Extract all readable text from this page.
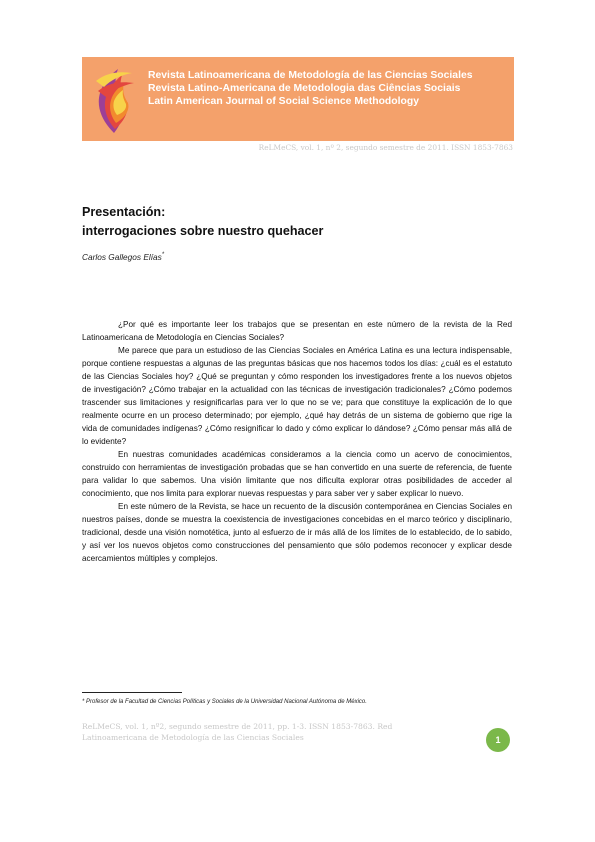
Revista Latinoamericana de Metodología de las Ciencias Sociales
Revista Latino-Americana de Metodologia das Ciências Sociais
Latin American Journal of Social Science Methodology
ReLMeCS, vol. 1, nº 2, segundo semestre de 2011. ISSN 1853-7863
Presentación:
interrogaciones sobre nuestro quehacer
Carlos Gallegos Elías*

¿Por qué es importante leer los trabajos que se presentan en este número de la revista de la Red Latinoamericana de Metodología en Ciencias Sociales?

Me parece que para un estudioso de las Ciencias Sociales en América Latina es una lectura indispensable, porque contiene respuestas a algunas de las preguntas básicas que nos hacemos todos los días: ¿cuál es el estatuto de las Ciencias Sociales hoy? ¿Qué se preguntan y cómo responden los investigadores frente a los nuevos objetos de investigación? ¿Cómo trabajar en la actualidad con las técnicas de investigación tradicionales? ¿Cómo podemos trascender sus limitaciones y resignificarlas para ver lo que no se ve; para que constituye la explicación de lo que realmente ocurre en un proceso determinado; por ejemplo, ¿qué hay detrás de un sistema de gobierno que rige la vida de comunidades indígenas? ¿Cómo resignificar lo dado y cómo explicar lo dándose? ¿Cómo pensar más allá de lo evidente?

En nuestras comunidades académicas consideramos a la ciencia como un acervo de conocimientos, construido con herramientas de investigación probadas que se han convertido en una suerte de referencia, de fuente para validar lo que sabemos. Una visión limitante que nos dificulta explorar otras posibilidades de acceder al conocimiento, que nos limita para explorar nuevas respuestas y para saber ver y saber explicar lo nuevo.

En este número de la Revista, se hace un recuento de la discusión contemporánea en Ciencias Sociales en nuestros países, donde se muestra la coexistencia de investigaciones concebidas en el marco teórico y disciplinario, tradicional, desde una visión nomotética, junto al esfuerzo de ir más allá de los límites de lo establecido, de lo sabido, y así ver los nuevos objetos como construcciones del pensamiento que sólo podemos reconocer y explicar desde acercamientos múltiples y complejos.

* Profesor de la Facultad de Ciencias Políticas y Sociales de la Universidad Nacional Autónoma de México.
ReLMeCS, vol. 1, nº2, segundo semestre de 2011, pp. 1-3. ISSN 1853-7863. Red
Latinoamericana de Metodología de las Ciencias Sociales	1
